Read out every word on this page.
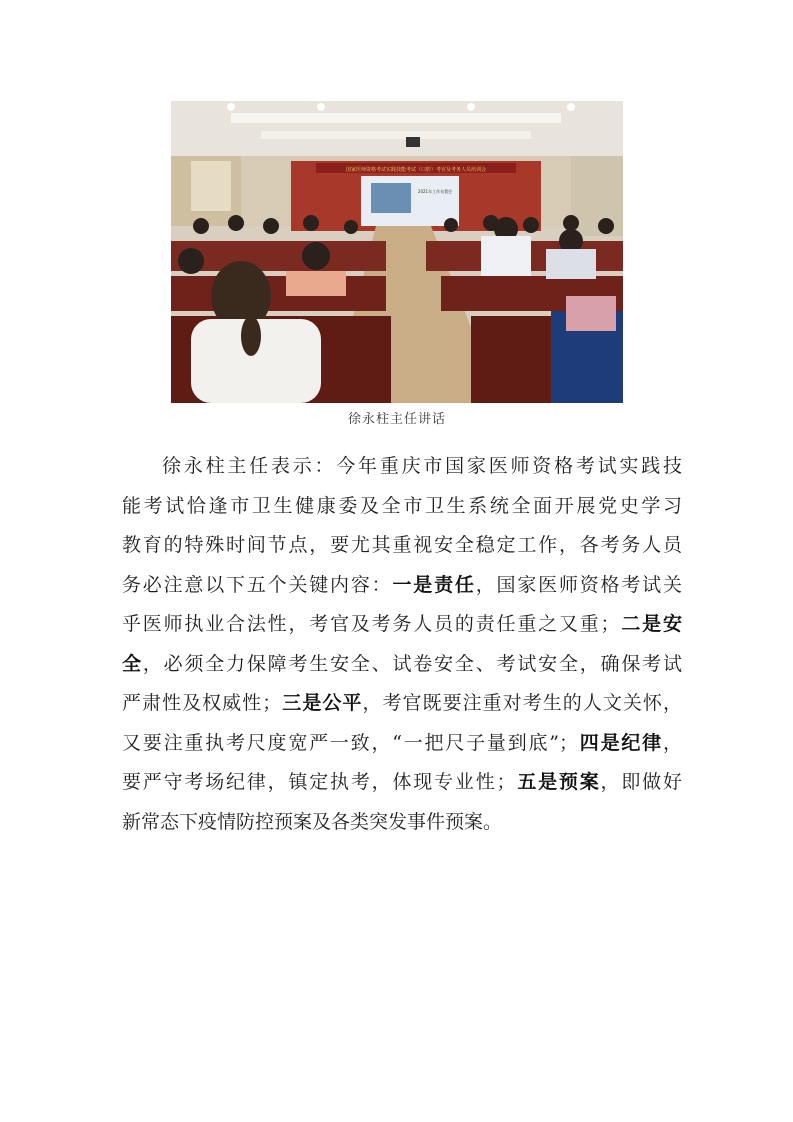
国家医师资格考试实践技能考试（口腔）考官及考务人员培训会
2021年工作布置会
徐永柱主任讲话
徐永柱主任表示：今年重庆市国家医师资格考试实践技
能考试恰逢市卫生健康委及全市卫生系统全面开展党史学习
教育的特殊时间节点，要尤其重视安全稳定工作，各考务人员
务必注意以下五个关键内容：一是责任，国家医师资格考试关
乎医师执业合法性，考官及考务人员的责任重之又重；二是安
全，必须全力保障考生安全、试卷安全、考试安全，确保考试
严肃性及权威性；三是公平，考官既要注重对考生的人文关怀，
又要注重执考尺度宽严一致，“一把尺子量到底”；四是纪律，
要严守考场纪律，镇定执考，体现专业性；五是预案，即做好
新常态下疫情防控预案及各类突发事件预案。
